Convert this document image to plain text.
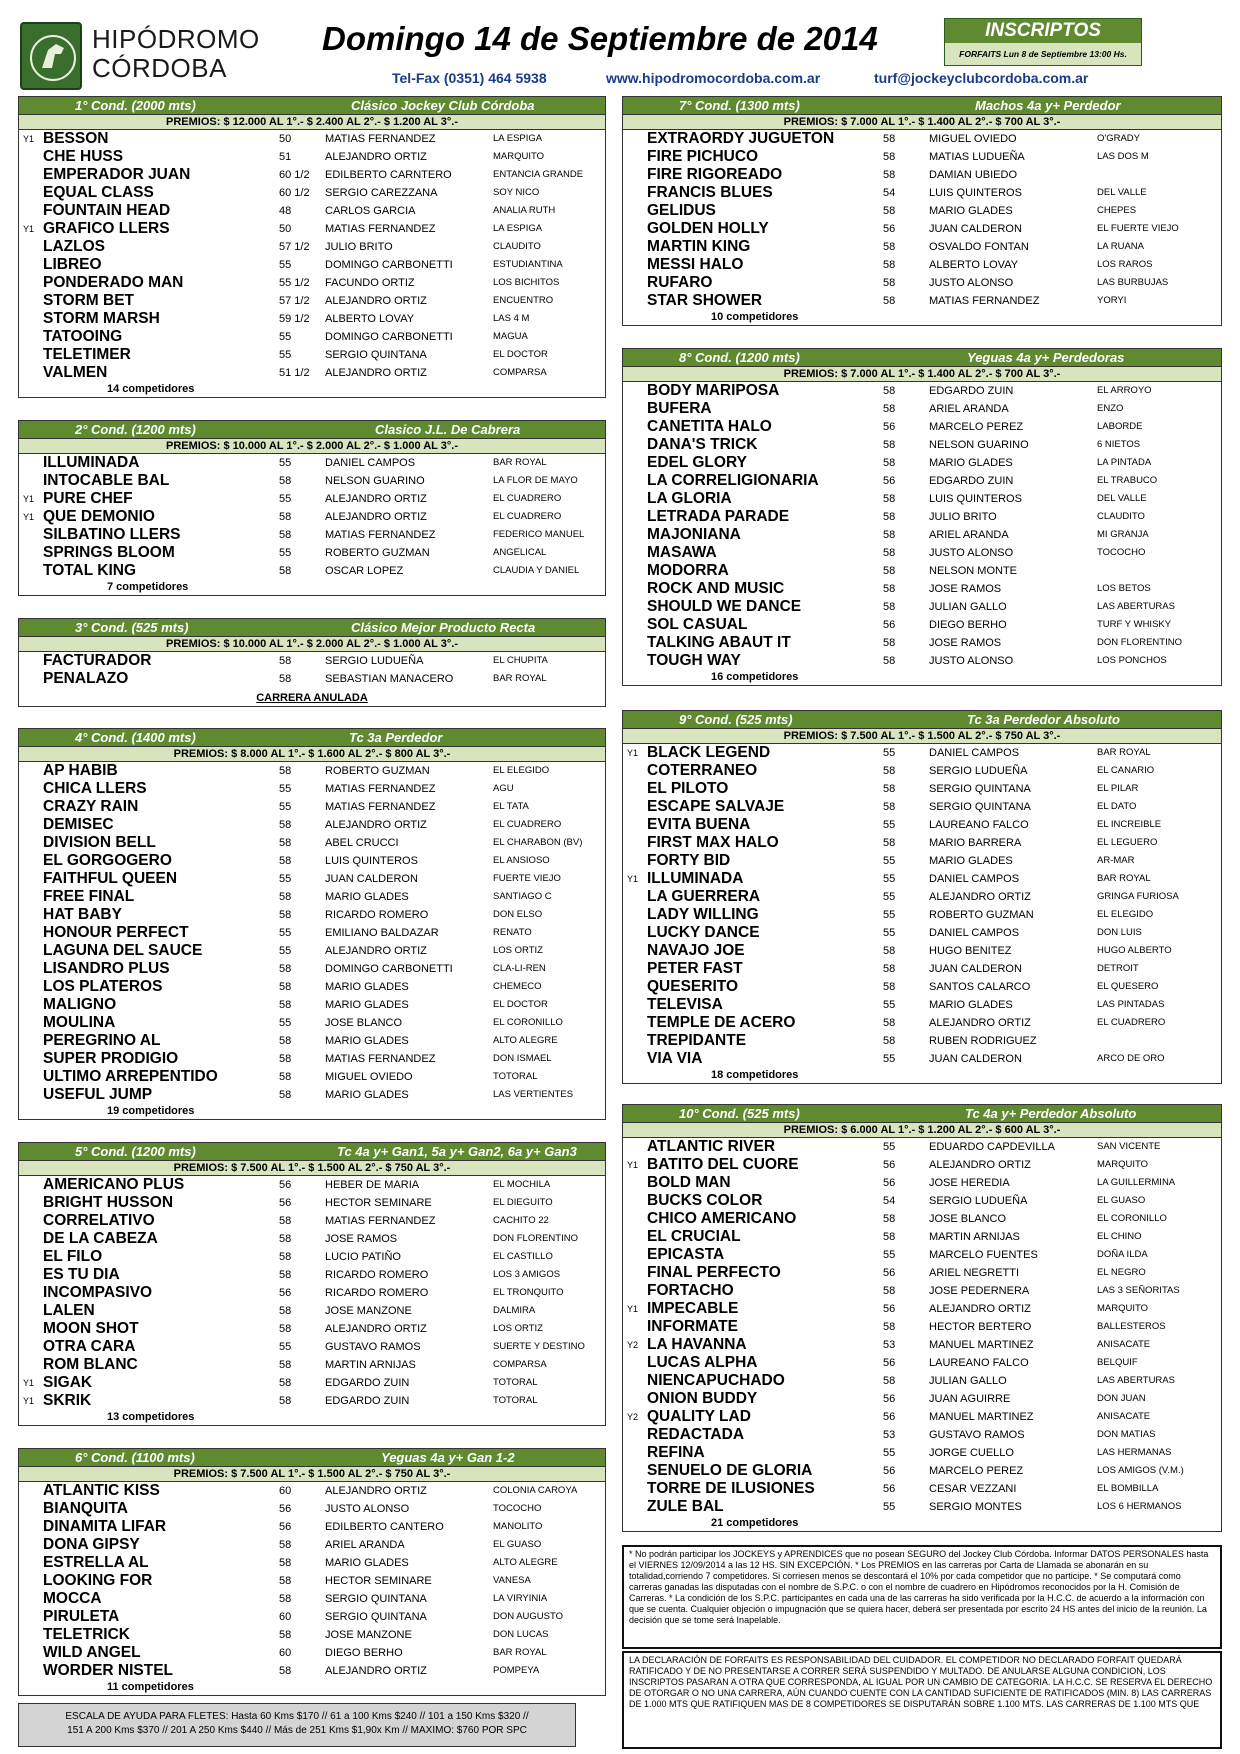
HIPÓDROMO
CÓRDOBA
Domingo 14 de Septiembre de 2014
Tel-Fax (0351) 464 5938	www.hipodromocordoba.com.ar	turf@jockeyclubcordoba.com.ar
INSCRIPTOS
FORFAITS Lun 8 de Septiembre 13:00 Hs.
1° Cond. (2000 mts)	Clásico Jockey Club Córdoba
PREMIOS: $ 12.000 AL 1°.- $ 2.400 AL 2°.- $ 1.200 AL 3°.-
Y1 BESSON	50	MATIAS FERNANDEZ	LA ESPIGA
CHE HUSS	51	ALEJANDRO ORTIZ	MARQUITO
EMPERADOR JUAN	60 1/2 EDILBERTO CARNTERO	ENTANCIA GRANDE
EQUAL CLASS	60 1/2 SERGIO CAREZZANA	SOY NICO
FOUNTAIN HEAD	48	CARLOS GARCIA	ANALIA RUTH
Y1 GRAFICO LLERS	50	MATIAS FERNANDEZ	LA ESPIGA
LAZLOS	57 1/2 JULIO BRITO	CLAUDITO
LIBREO	55	DOMINGO CARBONETTI	ESTUDIANTINA
PONDERADO MAN	55 1/2 FACUNDO ORTIZ	LOS BICHITOS
STORM BET	57 1/2 ALEJANDRO ORTIZ	ENCUENTRO
STORM MARSH	59 1/2 ALBERTO LOVAY	LAS 4 M
TATOOING	55	DOMINGO CARBONETTI	MAGUA
TELETIMER	55	SERGIO QUINTANA	EL DOCTOR
VALMEN	51 1/2 ALEJANDRO ORTIZ	COMPARSA
14 competidores
2° Cond. (1200 mts)	Clasico J.L. De Cabrera
PREMIOS: $ 10.000 AL 1°.- $ 2.000 AL 2°.- $ 1.000 AL 3°.-
ILLUMINADA	55	DANIEL CAMPOS	BAR ROYAL
INTOCABLE BAL	58	NELSON GUARINO	LA FLOR DE MAYO
Y1 PURE CHEF	55	ALEJANDRO ORTIZ	EL CUADRERO
Y1 QUE DEMONIO	58	ALEJANDRO ORTIZ	EL CUADRERO
SILBATINO LLERS	58	MATIAS FERNANDEZ	FEDERICO MANUEL
SPRINGS BLOOM	55	ROBERTO GUZMAN	ANGELICAL
TOTAL KING	58	OSCAR LOPEZ	CLAUDIA Y DANIEL
7 competidores
3° Cond. (525 mts)	Clásico Mejor Producto Recta
PREMIOS: $ 10.000 AL 1°.- $ 2.000 AL 2°.- $ 1.000 AL 3°.-
FACTURADOR	58	SERGIO LUDUEÑA	EL CHUPITA
PENALAZO	58	SEBASTIAN MANACERO	BAR ROYAL
CARRERA ANULADA
4° Cond. (1400 mts)	Tc 3a Perdedor
PREMIOS: $ 8.000 AL 1°.- $ 1.600 AL 2°.- $ 800 AL 3°.-
AP HABIB	58	ROBERTO GUZMAN	EL ELEGIDO
CHICA LLERS	55	MATIAS FERNANDEZ	AGU
CRAZY RAIN	55	MATIAS FERNANDEZ	EL TATA
DEMISEC	58	ALEJANDRO ORTIZ	EL CUADRERO
DIVISION BELL	58	ABEL CRUCCI	EL CHARABON (BV)
EL GORGOGERO	58	LUIS QUINTEROS	EL ANSIOSO
FAITHFUL QUEEN	55	JUAN CALDERON	FUERTE VIEJO
FREE FINAL	58	MARIO GLADES	SANTIAGO C
HAT BABY	58	RICARDO ROMERO	DON ELSO
HONOUR PERFECT	55	EMILIANO BALDAZAR	RENATO
LAGUNA DEL SAUCE	55	ALEJANDRO ORTIZ	LOS ORTIZ
LISANDRO PLUS	58	DOMINGO CARBONETTI	CLA-LI-REN
LOS PLATEROS	58	MARIO GLADES	CHEMECO
MALIGNO	58	MARIO GLADES	EL DOCTOR
MOULINA	55	JOSE BLANCO	EL CORONILLO
PEREGRINO AL	58	MARIO GLADES	ALTO ALEGRE
SUPER PRODIGIO	58	MATIAS FERNANDEZ	DON ISMAEL
ULTIMO ARREPENTIDO	58	MIGUEL OVIEDO	TOTORAL
USEFUL JUMP	58	MARIO GLADES	LAS VERTIENTES
19 competidores
5° Cond. (1200 mts)	Tc 4a y+ Gan1, 5a y+ Gan2, 6a y+ Gan3
PREMIOS: $ 7.500 AL 1°.- $ 1.500 AL 2°.- $ 750 AL 3°.-
AMERICANO PLUS	56	HEBER DE MARIA	EL MOCHILA
BRIGHT HUSSON	56	HECTOR SEMINARE	EL DIEGUITO
CORRELATIVO	58	MATIAS FERNANDEZ	CACHITO 22
DE LA CABEZA	58	JOSE RAMOS	DON FLORENTINO
EL FILO	58	LUCIO PATIÑO	EL CASTILLO
ES TU DIA	58	RICARDO ROMERO	LOS 3 AMIGOS
INCOMPASIVO	56	RICARDO ROMERO	EL TRONQUITO
LALEN	58	JOSE MANZONE	DALMIRA
MOON SHOT	58	ALEJANDRO ORTIZ	LOS ORTIZ
OTRA CARA	55	GUSTAVO RAMOS	SUERTE Y DESTINO
ROM BLANC	58	MARTIN ARNIJAS	COMPARSA
Y1 SIGAK	58	EDGARDO ZUIN	TOTORAL
Y1 SKRIK	58	EDGARDO ZUIN	TOTORAL
13 competidores
6° Cond. (1100 mts)	Yeguas 4a y+ Gan 1-2
PREMIOS: $ 7.500 AL 1°.- $ 1.500 AL 2°.- $ 750 AL 3°.-
ATLANTIC KISS	60	ALEJANDRO ORTIZ	COLONIA CAROYA
BIANQUITA	56	JUSTO ALONSO	TOCOCHO
DINAMITA LIFAR	56	EDILBERTO CANTERO	MANOLITO
DONA GIPSY	58	ARIEL ARANDA	EL GUASO
ESTRELLA AL	58	MARIO GLADES	ALTO ALEGRE
LOOKING FOR	58	HECTOR SEMINARE	VANESA
MOCCA	58	SERGIO QUINTANA	LA VIRYINIA
PIRULETA	60	SERGIO QUINTANA	DON AUGUSTO
TELETRICK	58	JOSE MANZONE	DON LUCAS
WILD ANGEL	60	DIEGO BERHO	BAR ROYAL
WORDER NISTEL	58	ALEJANDRO ORTIZ	POMPEYA
11 competidores
7° Cond. (1300 mts)	Machos 4a y+ Perdedor
PREMIOS: $ 7.000 AL 1°.- $ 1.400 AL 2°.- $ 700 AL 3°.-
EXTRAORDY JUGUETON	58	MIGUEL OVIEDO	O'GRADY
FIRE PICHUCO	58	MATIAS LUDUEÑA	LAS DOS M
FIRE RIGOREADO	58	DAMIAN UBIEDO
FRANCIS BLUES	54	LUIS QUINTEROS	DEL VALLE
GELIDUS	58	MARIO GLADES	CHEPES
GOLDEN HOLLY	56	JUAN CALDERON	EL FUERTE VIEJO
MARTIN KING	58	OSVALDO FONTAN	LA RUANA
MESSI HALO	58	ALBERTO LOVAY	LOS RAROS
RUFARO	58	JUSTO ALONSO	LAS BURBUJAS
STAR SHOWER	58	MATIAS FERNANDEZ	YORYI
10 competidores
8° Cond. (1200 mts)	Yeguas 4a y+ Perdedoras
PREMIOS: $ 7.000 AL 1°.- $ 1.400 AL 2°.- $ 700 AL 3°.-
BODY MARIPOSA	58	EDGARDO ZUIN	EL ARROYO
BUFERA	58	ARIEL ARANDA	ENZO
CANETITA HALO	56	MARCELO PEREZ	LABORDE
DANA'S TRICK	58	NELSON GUARINO	6 NIETOS
EDEL GLORY	58	MARIO GLADES	LA PINTADA
LA CORRELIGIONARIA	56	EDGARDO ZUIN	EL TRABUCO
LA GLORIA	58	LUIS QUINTEROS	DEL VALLE
LETRADA PARADE	58	JULIO BRITO	CLAUDITO
MAJONIANA	58	ARIEL ARANDA	MI GRANJA
MASAWA	58	JUSTO ALONSO	TOCOCHO
MODORRA	58	NELSON MONTE
ROCK AND MUSIC	58	JOSE RAMOS	LOS BETOS
SHOULD WE DANCE	58	JULIAN GALLO	LAS ABERTURAS
SOL CASUAL	56	DIEGO BERHO	TURF Y WHISKY
TALKING ABAUT IT	58	JOSE RAMOS	DON FLORENTINO
TOUGH WAY	58	JUSTO ALONSO	LOS PONCHOS
16 competidores
9° Cond. (525 mts)	Tc 3a Perdedor Absoluto
PREMIOS: $ 7.500 AL 1°.- $ 1.500 AL 2°.- $ 750 AL 3°.-
Y1 BLACK LEGEND	55	DANIEL CAMPOS	BAR ROYAL
COTERRANEO	58	SERGIO LUDUEÑA	EL CANARIO
EL PILOTO	58	SERGIO QUINTANA	EL PILAR
ESCAPE SALVAJE	58	SERGIO QUINTANA	EL DATO
EVITA BUENA	55	LAUREANO FALCO	EL INCREIBLE
FIRST MAX HALO	58	MARIO BARRERA	EL LEGUERO
FORTY BID	55	MARIO GLADES	AR-MAR
Y1 ILLUMINADA	55	DANIEL CAMPOS	BAR ROYAL
LA GUERRERA	55	ALEJANDRO ORTIZ	GRINGA FURIOSA
LADY WILLING	55	ROBERTO GUZMAN	EL ELEGIDO
LUCKY DANCE	55	DANIEL CAMPOS	DON LUIS
NAVAJO JOE	58	HUGO BENITEZ	HUGO ALBERTO
PETER FAST	58	JUAN CALDERON	DETROIT
QUESERITO	58	SANTOS CALARCO	EL QUESERO
TELEVISA	55	MARIO GLADES	LAS PINTADAS
TEMPLE DE ACERO	58	ALEJANDRO ORTIZ	EL CUADRERO
TREPIDANTE	58	RUBEN RODRIGUEZ
VIA VIA	55	JUAN CALDERON	ARCO DE ORO
18 competidores
10° Cond. (525 mts)	Tc 4a y+ Perdedor Absoluto
PREMIOS: $ 6.000 AL 1°.- $ 1.200 AL 2°.- $ 600 AL 3°.-
ATLANTIC RIVER	55	EDUARDO CAPDEVILLA	SAN VICENTE
Y1 BATITO DEL CUORE	56	ALEJANDRO ORTIZ	MARQUITO
BOLD MAN	56	JOSE HEREDIA	LA GUILLERMINA
BUCKS COLOR	54	SERGIO LUDUEÑA	EL GUASO
CHICO AMERICANO	58	JOSE BLANCO	EL CORONILLO
EL CRUCIAL	58	MARTIN ARNIJAS	EL CHINO
EPICASTA	55	MARCELO FUENTES	DOÑA ILDA
FINAL PERFECTO	56	ARIEL NEGRETTI	EL NEGRO
FORTACHO	58	JOSE PEDERNERA	LAS 3 SEÑORITAS
Y1 IMPECABLE	56	ALEJANDRO ORTIZ	MARQUITO
INFORMATE	58	HECTOR BERTERO	BALLESTEROS
Y2 LA HAVANNA	53	MANUEL MARTINEZ	ANISACATE
LUCAS ALPHA	56	LAUREANO FALCO	BELQUIF
NIENCAPUCHADO	58	JULIAN GALLO	LAS ABERTURAS
ONION BUDDY	56	JUAN AGUIRRE	DON JUAN
Y2 QUALITY LAD	56	MANUEL MARTINEZ	ANISACATE
REDACTADA	53	GUSTAVO RAMOS	DON MATIAS
REFINA	55	JORGE CUELLO	LAS HERMANAS
SENUELO DE GLORIA	56	MARCELO PEREZ	LOS AMIGOS (V.M.)
TORRE DE ILUSIONES	56	CESAR VEZZANI	EL BOMBILLA
ZULE BAL	55	SERGIO MONTES	LOS 6 HERMANOS
21 competidores
* No podrán participar los JOCKEYS y APRENDICES que no posean SEGURO del Jockey Club Córdoba. Informar DATOS PERSONALES hasta el VIERNES 12/09/2014 a las 12 HS. SIN EXCEPCIÓN. * Los PREMIOS en las carreras por Carta de Llamada se abonarán en su totalidad,corriendo 7 competidores. Si corriesen menos se descontará el 10% por cada competidor que no participe. * Se computará como carreras ganadas las disputadas con el nombre de S.P.C. o con el nombre de cuadrero en Hipódromos reconocidos por la H. Comisión de Carreras. * La condición de los S.P.C. participantes en cada una de las carreras ha sido verificada por la H.C.C. de acuerdo a la información con que se cuenta. Cualquier objeción o impugnación que se quiera hacer, deberá ser presentada por escrito 24 HS antes del inicio de la reunión. La decisión que se tome será Inapelable.
LA DECLARACIÓN DE FORFAITS ES RESPONSABILIDAD DEL CUIDADOR. EL COMPETIDOR NO DECLARADO FORFAIT QUEDARÁ RATIFICADO Y DE NO PRESENTARSE A CORRER SERÁ SUSPENDIDO Y MULTADO. DE ANULARSE ALGUNA CONDICION, LOS INSCRIPTOS PASARAN A OTRA QUE CORRESPONDA, AL IGUAL POR UN CAMBIO DE CATEGORIA. LA H.C.C. SE RESERVA EL DERECHO DE OTORGAR O NO UNA CARRERA, AÚN CUANDO CUENTE CON LA CANTIDAD SUFICIENTE DE RATIFICADOS (MIN. 8) LAS CARRERAS DE 1.000 MTS QUE RATIFIQUEN MAS DE 8 COMPETIDORES SE DISPUTARÁN SOBRE 1.100 MTS. LAS CARRERAS DE 1.100 MTS QUE
ESCALA DE AYUDA PARA FLETES: Hasta 60 Kms $170 // 61 a 100 Kms $240 // 101 a 150 Kms $320 //
151 A 200 Kms $370 // 201 A 250 Kms $440 // Más de 251 Kms $1,90x Km // MAXIMO: $760 POR SPC
